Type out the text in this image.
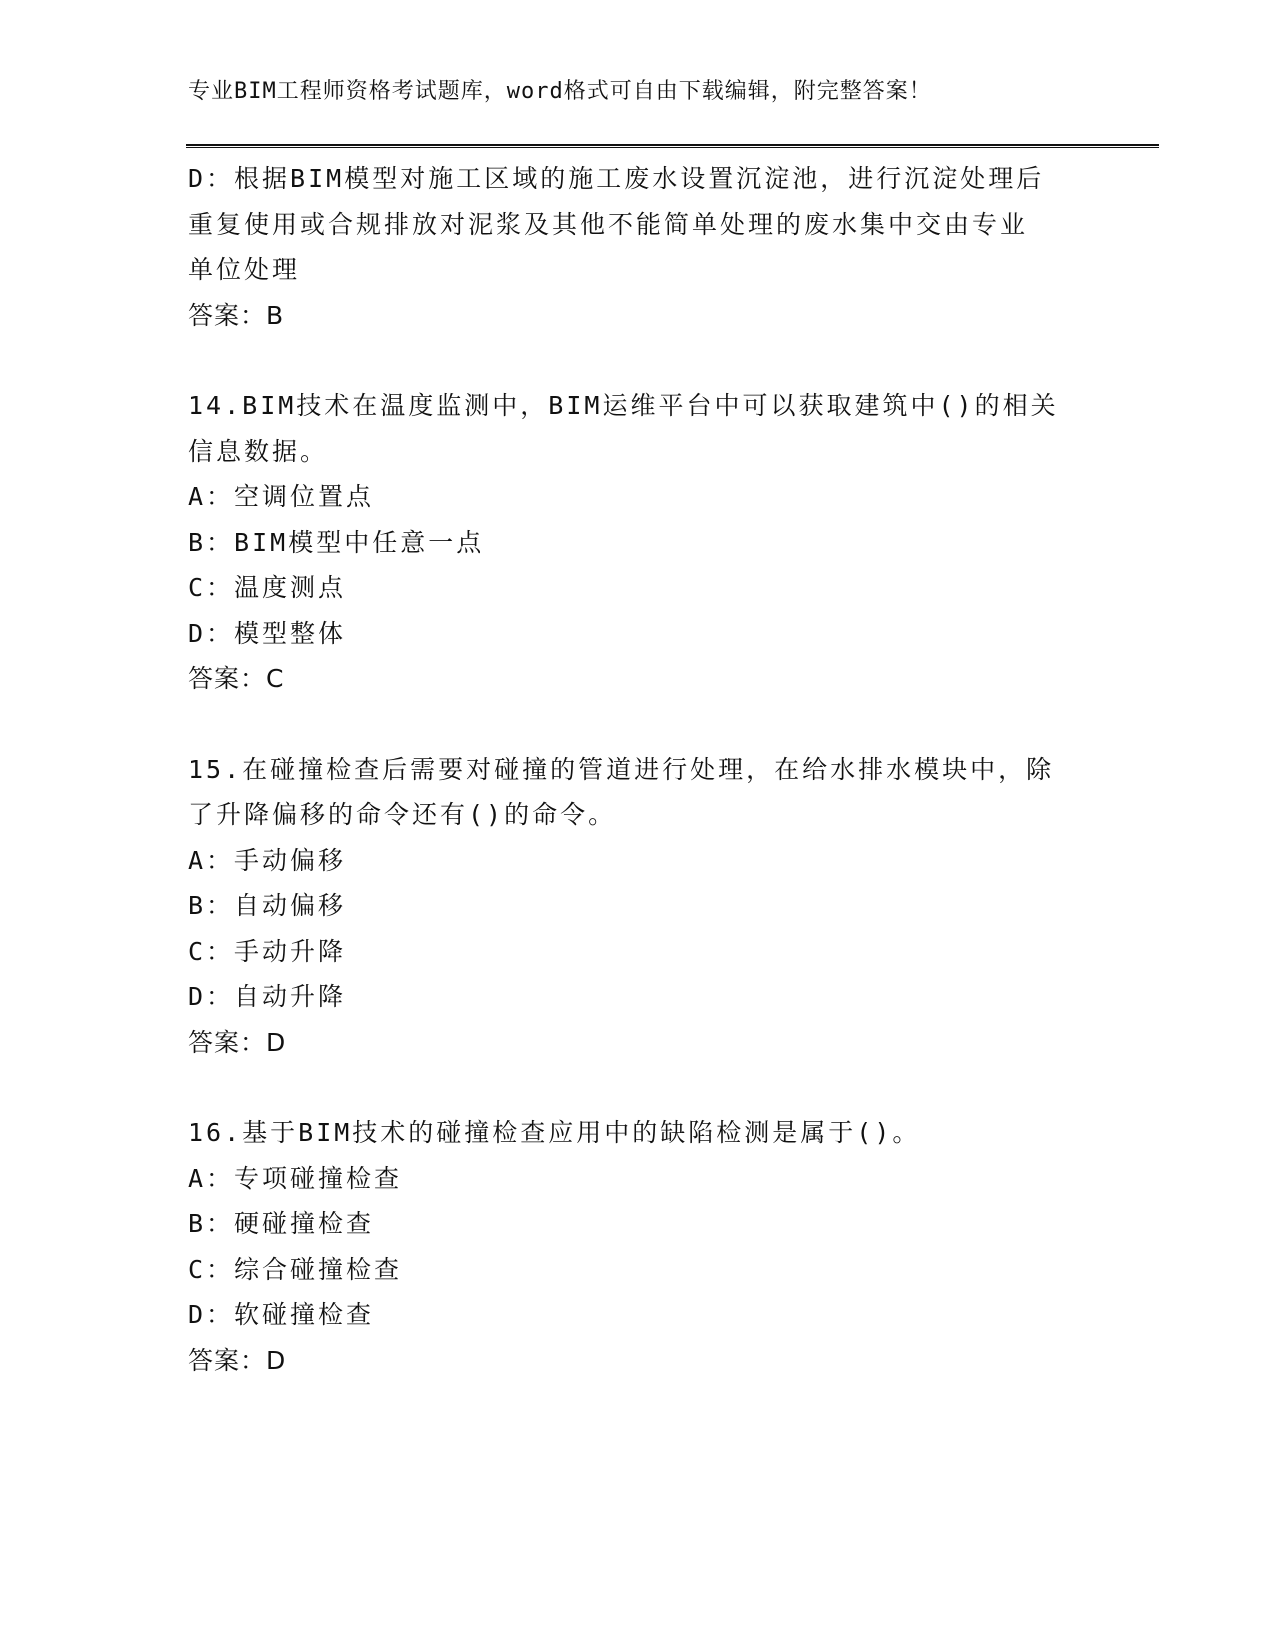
专业BIM工程师资格考试题库，word格式可自由下载编辑，附完整答案！
D：根据BIM模型对施工区域的施工废水设置沉淀池，进行沉淀处理后
重复使用或合规排放对泥浆及其他不能简单处理的废水集中交由专业
单位处理
答案：B
14.BIM技术在温度监测中，BIM运维平台中可以获取建筑中()的相关
信息数据。
A：空调位置点
B：BIM模型中任意一点
C：温度测点
D：模型整体
答案：C
15.在碰撞检查后需要对碰撞的管道进行处理，在给水排水模块中，除
了升降偏移的命令还有()的命令。
A：手动偏移
B：自动偏移
C：手动升降
D：自动升降
答案：D
16.基于BIM技术的碰撞检查应用中的缺陷检测是属于()。
A：专项碰撞检查
B：硬碰撞检查
C：综合碰撞检查
D：软碰撞检查
答案：D
